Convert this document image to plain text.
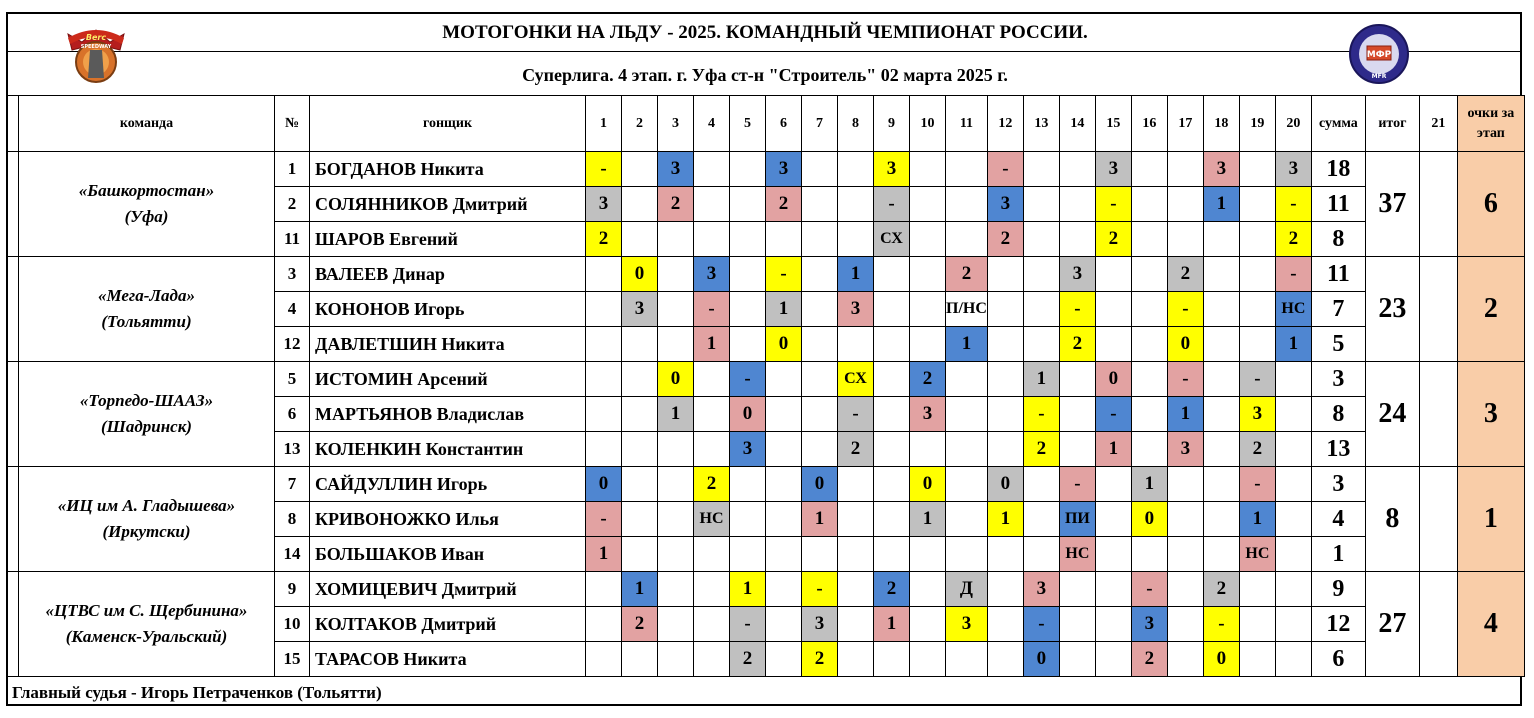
Berc
SPEEDWAY
МФР
MFR
МОТОГОНКИ НА ЛЬДУ - 2025. КОМАНДНЫЙ ЧЕМПИОНАТ РОССИИ.
Суперлига. 4 этап. г. Уфа ст-н "Строитель" 02 марта 2025 г.
	команда	№	гонщик	1	2	3	4	5	6	7	8	9	10	11	12	13	14	15	16	17	18	19	20	сумма	итог	21	очки за этап

	«Башкортостан»
(Уфа)	1	БОГДАНОВ Никита	-		3			3			3			-			3			3		3	18	37		6
		2	СОЛЯННИКОВ Дмитрий	3		2			2			-			3			-			1		-	11			
		11	ШАРОВ Евгений	2								СХ			2			2					2	8			

	«Мега-Лада»
(Тольятти)	3	ВАЛЕЕВ Динар		0		3		-		1			2			3			2			-	11	23		2
		4	КОНОНОВ Игорь		3		-		1		3			П/НС			-			-			НС	7			
		12	ДАВЛЕТШИН Никита				1		0					1			2			0			1	5			

	«Торпедо-ШААЗ»
(Шадринск)	5	ИСТОМИН Арсений			0		-			СХ		2			1		0		-		-		3	24		3
		6	МАРТЬЯНОВ Владислав			1		0			-		3			-		-		1		3		8			
		13	КОЛЕНКИН Константин					3			2					2		1		3		2		13			

	«ИЦ им А. Гладышева»
(Иркутски)	7	САЙДУЛЛИН Игорь	0			2			0			0		0		-		1			-		3	8		1
		8	КРИВОНОЖКО Илья	-			НС			1			1		1		ПИ		0			1		4			
		14	БОЛЬШАКОВ Иван	1													НС					НС		1			

	«ЦТВС им С. Щербинина»
(Каменск-Уральский)	9	ХОМИЦЕВИЧ Дмитрий		1			1		-		2		Д		3			-		2			9	27		4
		10	КОЛТАКОВ Дмитрий		2			-		3		1		3		-			3		-			12			
		15	ТАРАСОВ Никита					2		2						0			2		0			6			
Главный судья - Игорь Петраченков (Тольятти)
